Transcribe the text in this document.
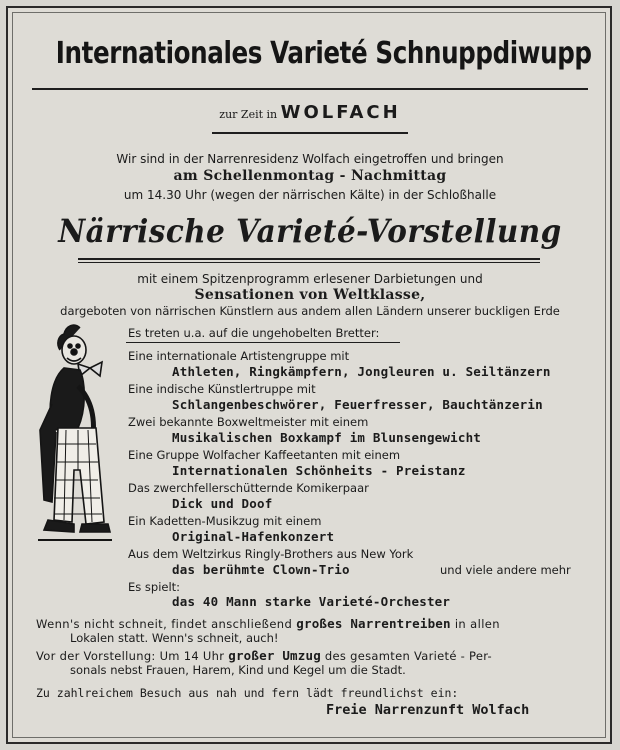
Internationales Varieté Schnuppdiwupp
zur Zeit in WOLFACH
Wir sind in der Narrenresidenz Wolfach eingetroffen und bringen
am Schellenmontag - Nachmittag
um 14.30 Uhr (wegen der närrischen Kälte) in der Schloßhalle
Närrische Varieté-Vorstellung
mit einem Spitzenprogramm erlesener Darbietungen und
Sensationen von Weltklasse,
dargeboten von närrischen Künstlern aus andem allen Ländern unserer buckligen Erde
Es treten u.a. auf die ungehobelten Bretter:
Eine internationale Artistengruppe mit
Athleten, Ringkämpfern, Jongleuren u. Seiltänzern
Eine indische Künstlertruppe mit
Schlangenbeschwörer, Feuerfresser, Bauchtänzerin
Zwei bekannte Boxweltmeister mit einem
Musikalischen Boxkampf im Blunsengewicht
Eine Gruppe Wolfacher Kaffeetanten mit einem
Internationalen Schönheits - Preistanz
Das zwerchfellerschütternde Komikerpaar
Dick und Doof
Ein Kadetten-Musikzug mit einem
Original-Hafenkonzert
Aus dem Weltzirkus Ringly-Brothers aus New York
das berühmte Clown-Trio	und viele andere mehr
Es spielt:
das 40 Mann starke Varieté-Orchester
Wenn's nicht schneit, findet anschließend großes Narrentreiben in allen
Lokalen statt. Wenn's schneit, auch!
Vor der Vorstellung: Um 14 Uhr großer Umzug des gesamten Varieté - Per-
sonals nebst Frauen, Harem, Kind und Kegel um die Stadt.
Zu zahlreichem Besuch aus nah und fern lädt freundlichst ein:
Freie Narrenzunft Wolfach
